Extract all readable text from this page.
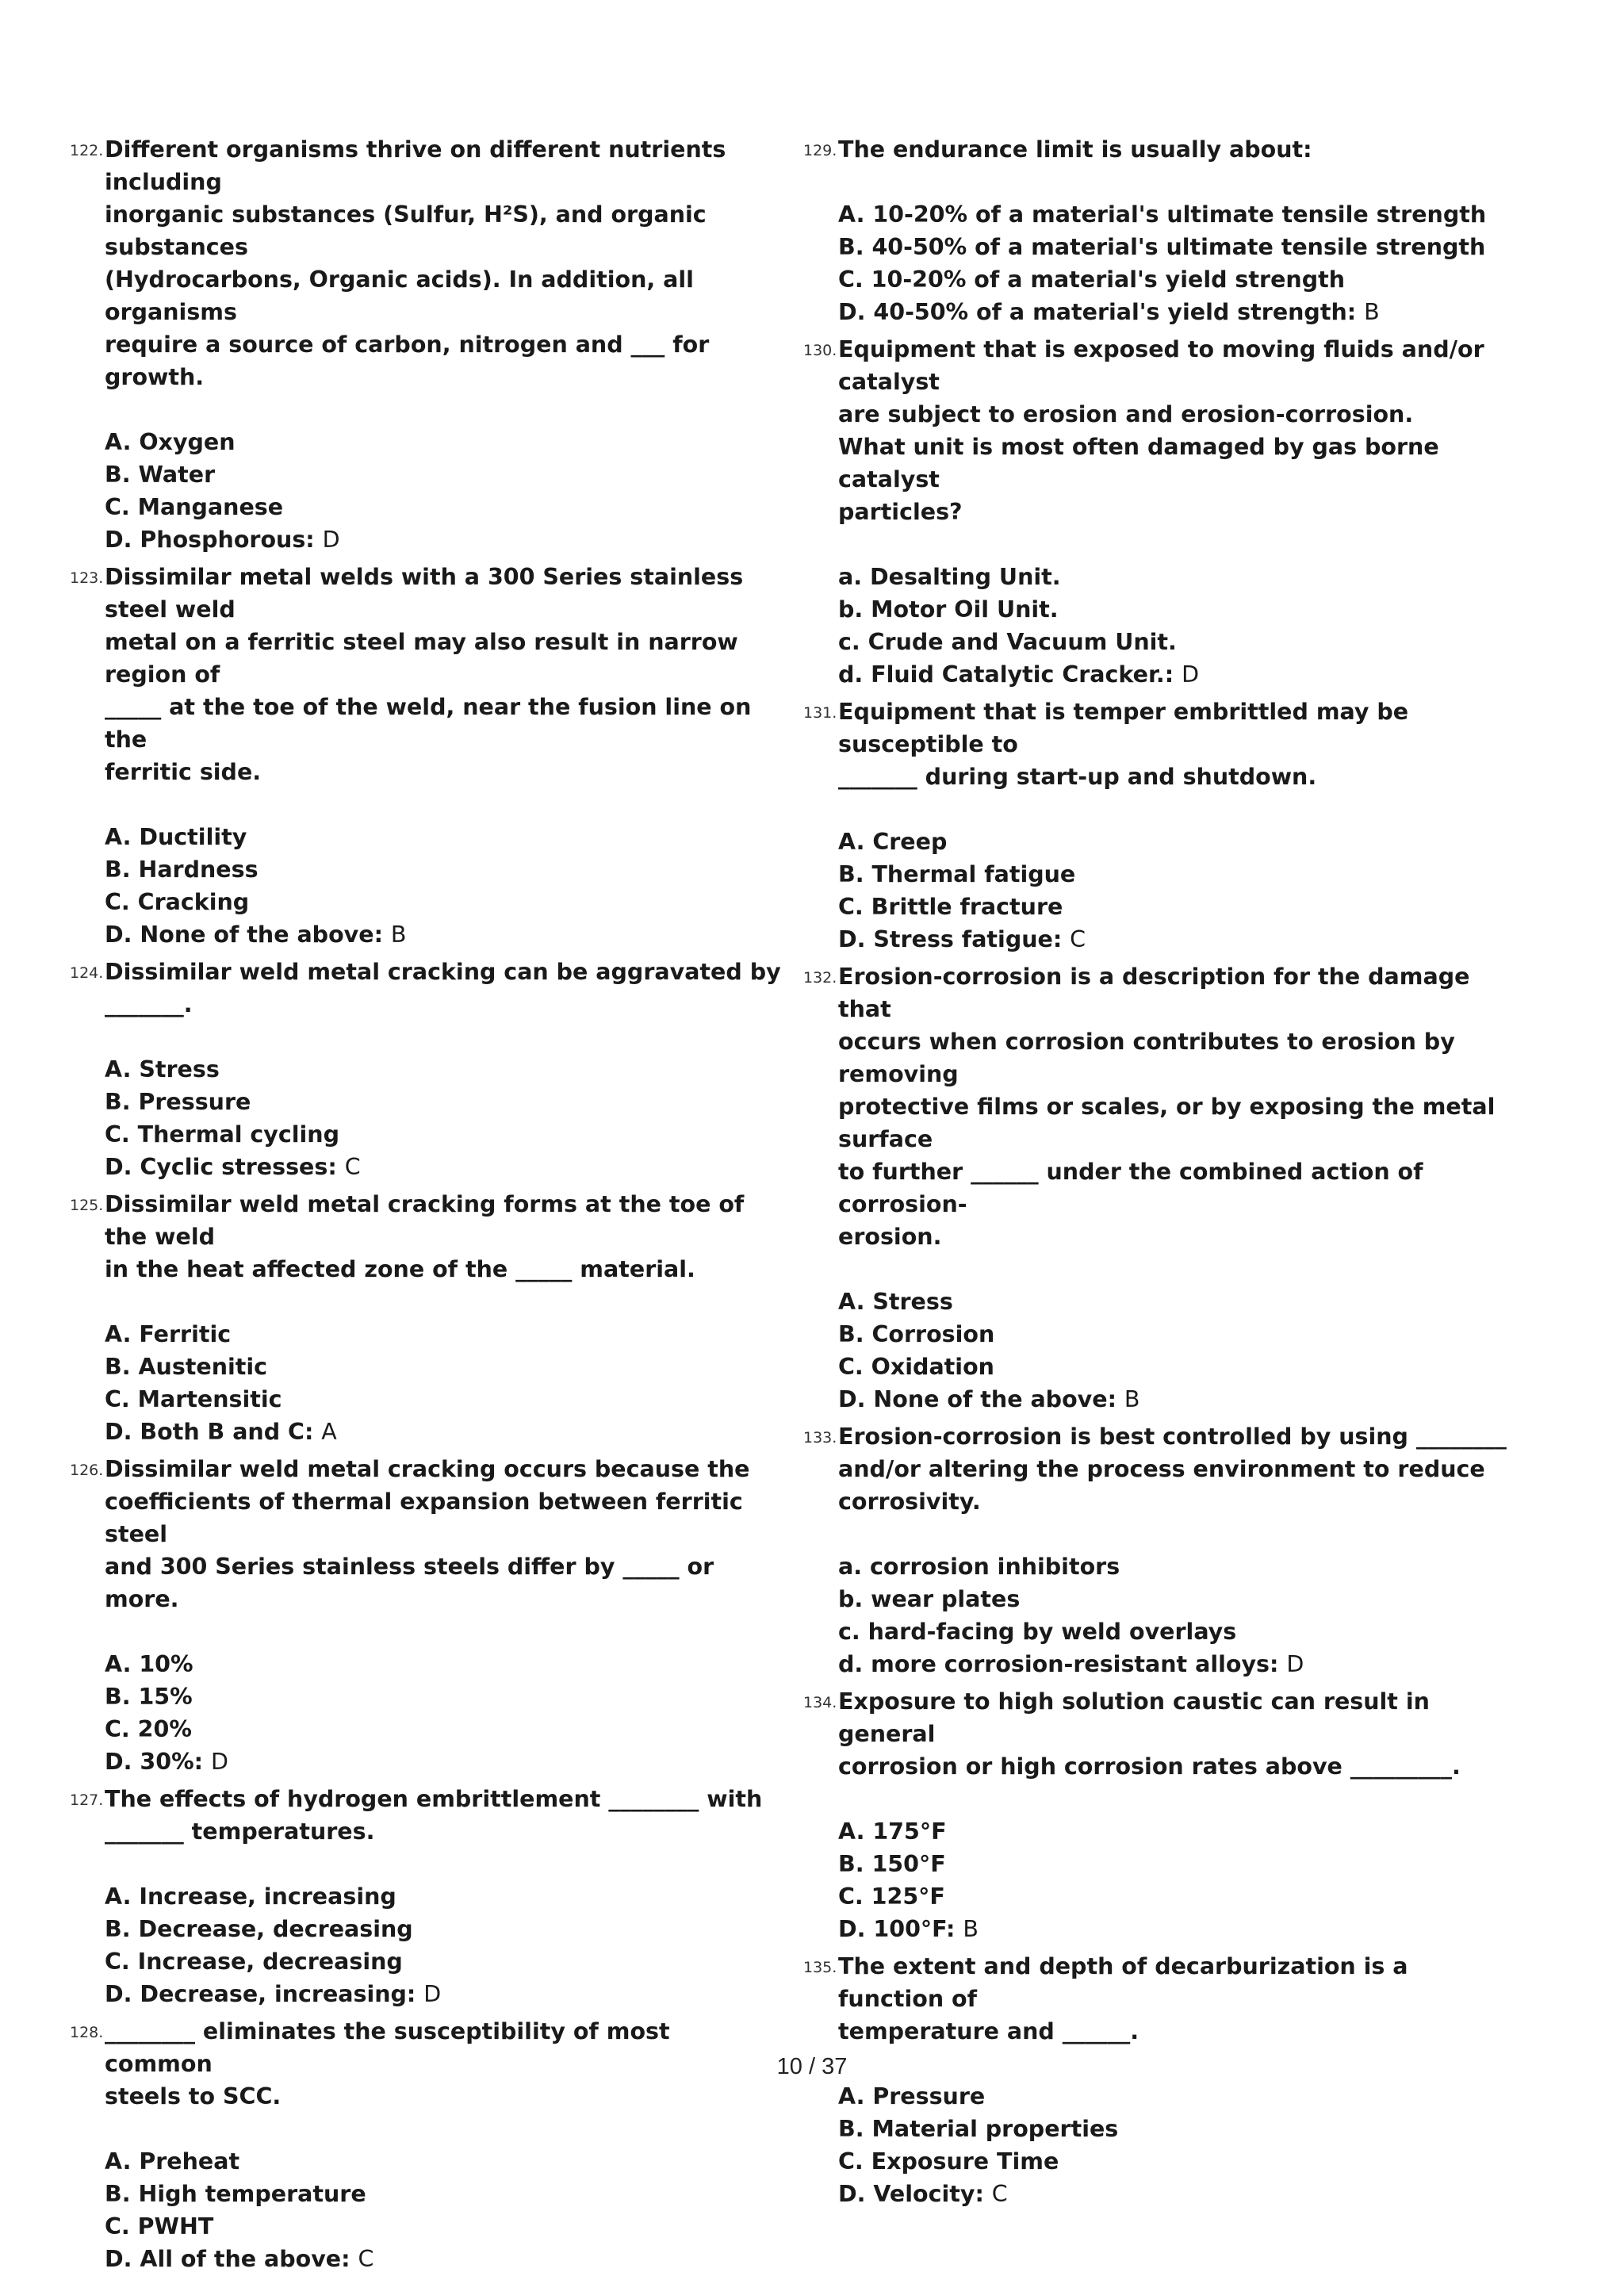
122. Different organisms thrive on different nutrients including
inorganic substances (Sulfur, H²S), and organic substances
(Hydrocarbons, Organic acids). In addition, all organisms
require a source of carbon, nitrogen and ___ for growth.
A. Oxygen
B. Water
C. Manganese
D. Phosphorous: D
123. Dissimilar metal welds with a 300 Series stainless steel weld
metal on a ferritic steel may also result in narrow region of
_____ at the toe of the weld, near the fusion line on the
ferritic side.
A. Ductility
B. Hardness
C. Cracking
D. None of the above: B
124. Dissimilar weld metal cracking can be aggravated by
_______.
A. Stress
B. Pressure
C. Thermal cycling
D. Cyclic stresses: C
125. Dissimilar weld metal cracking forms at the toe of the weld
in the heat affected zone of the _____ material.
A. Ferritic
B. Austenitic
C. Martensitic
D. Both B and C: A
126. Dissimilar weld metal cracking occurs because the
coefficients of thermal expansion between ferritic steel
and 300 Series stainless steels differ by _____ or more.
A. 10%
B. 15%
C. 20%
D. 30%: D
127. The effects of hydrogen embrittlement ________ with
_______ temperatures.
A. Increase, increasing
B. Decrease, decreasing
C. Increase, decreasing
D. Decrease, increasing: D
128. ________ eliminates the susceptibility of most common
steels to SCC.
A. Preheat
B. High temperature
C. PWHT
D. All of the above: C
129. The endurance limit is usually about:
A. 10-20% of a material's ultimate tensile strength
B. 40-50% of a material's ultimate tensile strength
C. 10-20% of a material's yield strength
D. 40-50% of a material's yield strength: B
130. Equipment that is exposed to moving fluids and/or catalyst
are subject to erosion and erosion-corrosion.
What unit is most often damaged by gas borne catalyst
particles?
a. Desalting Unit.
b. Motor Oil Unit.
c. Crude and Vacuum Unit.
d. Fluid Catalytic Cracker.: D
131. Equipment that is temper embrittled may be susceptible to
_______ during start-up and shutdown.
A. Creep
B. Thermal fatigue
C. Brittle fracture
D. Stress fatigue: C
132. Erosion-corrosion is a description for the damage that
occurs when corrosion contributes to erosion by removing
protective films or scales, or by exposing the metal surface
to further ______ under the combined action of corrosion-
erosion.
A. Stress
B. Corrosion
C. Oxidation
D. None of the above: B
133. Erosion-corrosion is best controlled by using ________
and/or altering the process environment to reduce
corrosivity.
a. corrosion inhibitors
b. wear plates
c. hard-facing by weld overlays
d. more corrosion-resistant alloys: D
134. Exposure to high solution caustic can result in general
corrosion or high corrosion rates above _________.
A. 175°F
B. 150°F
C. 125°F
D. 100°F: B
135. The extent and depth of decarburization is a function of
temperature and ______.
A. Pressure
B. Material properties
C. Exposure Time
D. Velocity: C
10 / 37
